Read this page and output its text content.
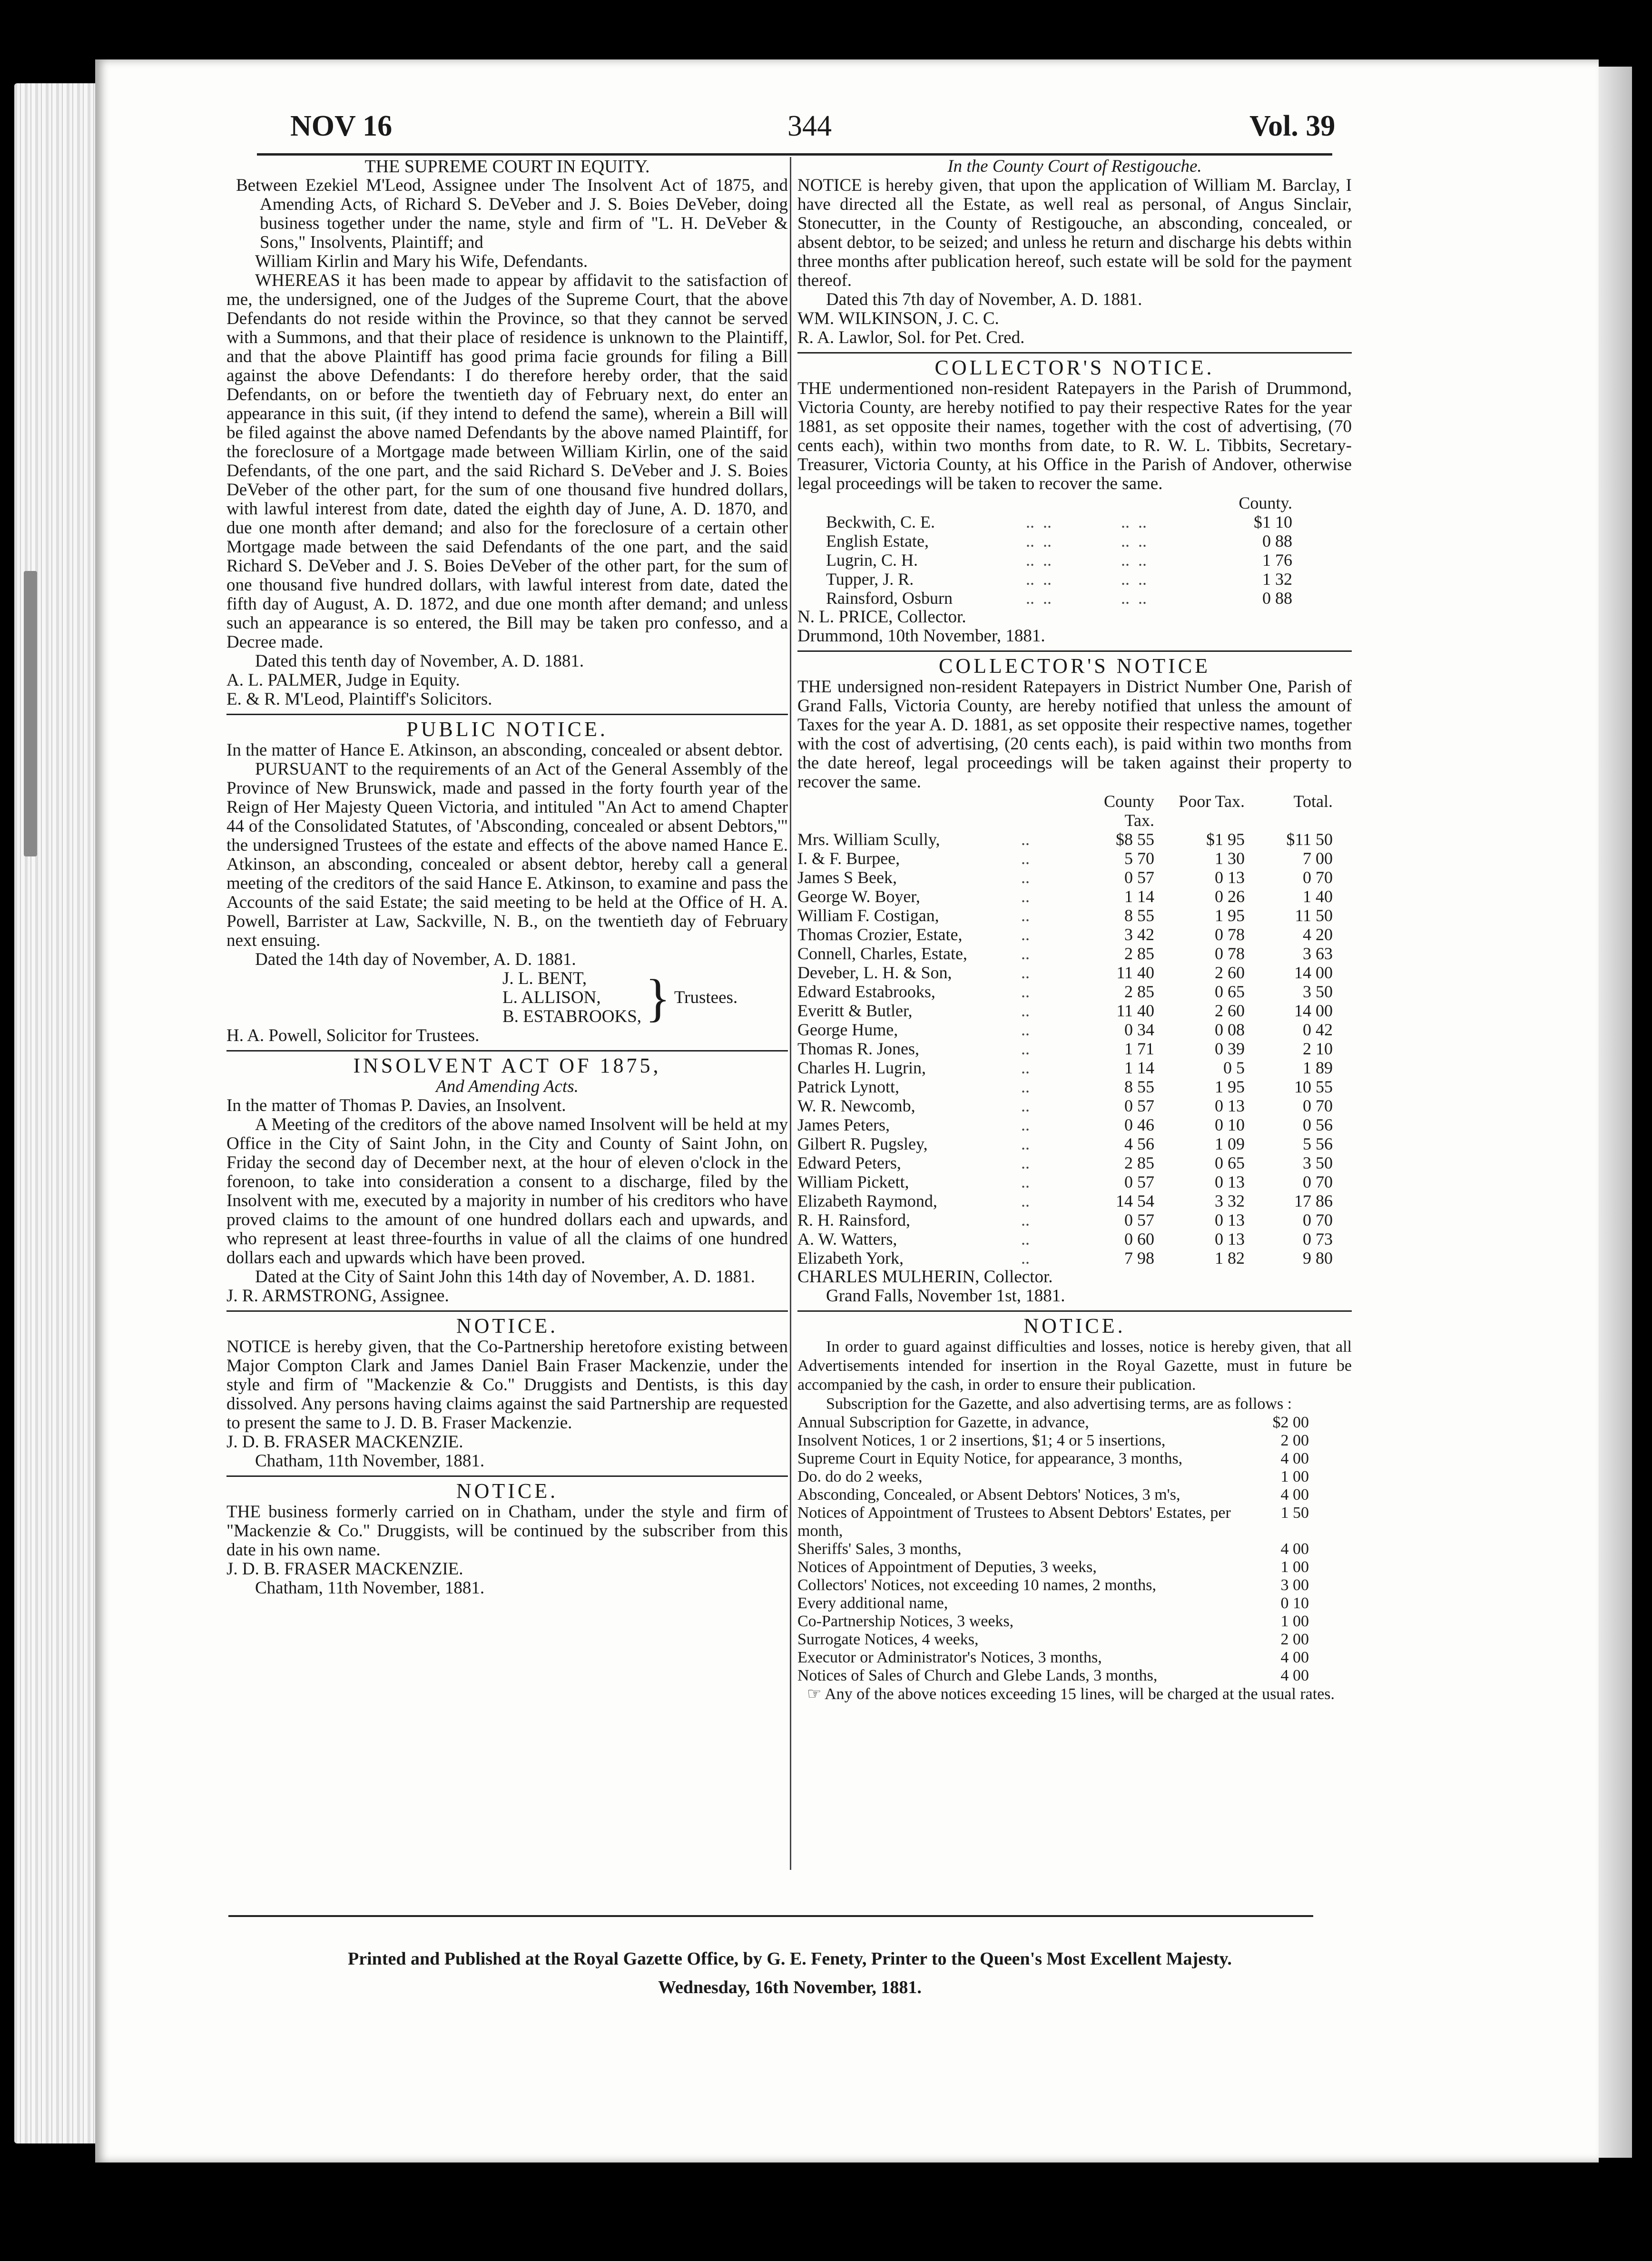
NOV 16	344	Vol. 39
THE SUPREME COURT IN EQUITY.

Between Ezekiel M'Leod, Assignee under The Insolvent Act of 1875, and Amending Acts, of Richard S. DeVeber and J. S. Boies DeVeber, doing business together under the name, style and firm of "L. H. DeVeber & Sons," Insolvents, Plaintiff; and

William Kirlin and Mary his Wife, Defendants.

WHEREAS it has been made to appear by affidavit to the satisfaction of me, the undersigned, one of the Judges of the Supreme Court, that the above Defendants do not reside within the Province, so that they cannot be served with a Summons, and that their place of residence is unknown to the Plaintiff, and that the above Plaintiff has good prima facie grounds for filing a Bill against the above Defendants: I do therefore hereby order, that the said Defendants, on or before the twentieth day of February next, do enter an appearance in this suit, (if they intend to defend the same), wherein a Bill will be filed against the above named Defendants by the above named Plaintiff, for the foreclosure of a Mortgage made between William Kirlin, one of the said Defendants, of the one part, and the said Richard S. DeVeber and J. S. Boies DeVeber of the other part, for the sum of one thousand five hundred dollars, with lawful interest from date, dated the eighth day of June, A. D. 1870, and due one month after demand; and also for the foreclosure of a certain other Mortgage made between the said Defendants of the one part, and the said Richard S. DeVeber and J. S. Boies DeVeber of the other part, for the sum of one thousand five hundred dollars, with lawful interest from date, dated the fifth day of August, A. D. 1872, and due one month after demand; and unless such an appearance is so entered, the Bill may be taken pro confesso, and a Decree made.

Dated this tenth day of November, A. D. 1881.

A. L. PALMER, Judge in Equity.

E. & R. M'Leod, Plaintiff's Solicitors.

PUBLIC NOTICE.

In the matter of Hance E. Atkinson, an absconding, concealed or absent debtor.

PURSUANT to the requirements of an Act of the General Assembly of the Province of New Brunswick, made and passed in the forty fourth year of the Reign of Her Majesty Queen Victoria, and intituled "An Act to amend Chapter 44 of the Consolidated Statutes, of 'Absconding, concealed or absent Debtors,'" the undersigned Trustees of the estate and effects of the above named Hance E. Atkinson, an absconding, concealed or absent debtor, hereby call a general meeting of the creditors of the said Hance E. Atkinson, to examine and pass the Accounts of the said Estate; the said meeting to be held at the Office of H. A. Powell, Barrister at Law, Sackville, N. B., on the twentieth day of February next ensuing.

Dated the 14th day of November, A. D. 1881.

J. L. BENT,
L. ALLISON,
B. ESTABROOKS, } Trustees.

H. A. Powell, Solicitor for Trustees.

INSOLVENT ACT OF 1875,
And Amending Acts.

In the matter of Thomas P. Davies, an Insolvent.

A Meeting of the creditors of the above named Insolvent will be held at my Office in the City of Saint John, in the City and County of Saint John, on Friday the second day of December next, at the hour of eleven o'clock in the forenoon, to take into consideration a consent to a discharge, filed by the Insolvent with me, executed by a majority in number of his creditors who have proved claims to the amount of one hundred dollars each and upwards, and who represent at least three-fourths in value of all the claims of one hundred dollars each and upwards which have been proved.

Dated at the City of Saint John this 14th day of November, A. D. 1881.

J. R. ARMSTRONG, Assignee.

NOTICE.

NOTICE is hereby given, that the Co-Partnership heretofore existing between Major Compton Clark and James Daniel Bain Fraser Mackenzie, under the style and firm of "Mackenzie & Co." Druggists and Dentists, is this day dissolved. Any persons having claims against the said Partnership are requested to present the same to J. D. B. Fraser Mackenzie.

J. D. B. FRASER MACKENZIE.

Chatham, 11th November, 1881.

NOTICE.

THE business formerly carried on in Chatham, under the style and firm of "Mackenzie & Co." Druggists, will be continued by the subscriber from this date in his own name.

J. D. B. FRASER MACKENZIE.

Chatham, 11th November, 1881.

In the County Court of Restigouche.

NOTICE is hereby given, that upon the application of William M. Barclay, I have directed all the Estate, as well real as personal, of Angus Sinclair, Stonecutter, in the County of Restigouche, an absconding, concealed, or absent debtor, to be seized; and unless he return and discharge his debts within three months after publication hereof, such estate will be sold for the payment thereof.

Dated this 7th day of November, A. D. 1881.

WM. WILKINSON, J. C. C.

R. A. Lawlor, Sol. for Pet. Cred.

COLLECTOR'S NOTICE.

THE undermentioned non-resident Ratepayers in the Parish of Drummond, Victoria County, are hereby notified to pay their respective Rates for the year 1881, as set opposite their names, together with the cost of advertising, (70 cents each), within two months from date, to R. W. L. Tibbits, Secretary-Treasurer, Victoria County, at his Office in the Parish of Andover, otherwise legal proceedings will be taken to recover the same.

			County.
Beckwith, C. E.	..  ..	..  ..	$1 10
English Estate,	..  ..	..  ..	0 88
Lugrin, C. H.	..  ..	..  ..	1 76
Tupper, J. R.	..  ..	..  ..	1 32
Rainsford, Osburn	..  ..	..  ..	0 88

N. L. PRICE, Collector.

Drummond, 10th November, 1881.

COLLECTOR'S NOTICE

THE undersigned non-resident Ratepayers in District Number One, Parish of Grand Falls, Victoria County, are hereby notified that unless the amount of Taxes for the year A. D. 1881, as set opposite their respective names, together with the cost of advertising, (20 cents each), is paid within two months from the date hereof, legal proceedings will be taken against their property to recover the same.

		County Tax.	Poor Tax.	Total.
Mrs. William Scully,	..	$8 55	$1 95	$11 50
I. & F. Burpee,	..	5 70	1 30	7 00
James S Beek,	..	0 57	0 13	0 70
George W. Boyer,	..	1 14	0 26	1 40
William F. Costigan,	..	8 55	1 95	11 50
Thomas Crozier, Estate,	..	3 42	0 78	4 20
Connell, Charles, Estate,	..	2 85	0 78	3 63
Deveber, L. H. & Son,	..	11 40	2 60	14 00
Edward Estabrooks,	..	2 85	0 65	3 50
Everitt & Butler,	..	11 40	2 60	14 00
George Hume,	..	0 34	0 08	0 42
Thomas R. Jones,	..	1 71	0 39	2 10
Charles H. Lugrin,	..	1 14	0 5	1 89
Patrick Lynott,	..	8 55	1 95	10 55
W. R. Newcomb,	..	0 57	0 13	0 70
James Peters,	..	0 46	0 10	0 56
Gilbert R. Pugsley,	..	4 56	1 09	5 56
Edward Peters,	..	2 85	0 65	3 50
William Pickett,	..	0 57	0 13	0 70
Elizabeth Raymond,	..	14 54	3 32	17 86
R. H. Rainsford,	..	0 57	0 13	0 70
A. W. Watters,	..	0 60	0 13	0 73
Elizabeth York,	..	7 98	1 82	9 80

CHARLES MULHERIN, Collector.

Grand Falls, November 1st, 1881.

NOTICE.

In order to guard against difficulties and losses, notice is hereby given, that all Advertisements intended for insertion in the Royal Gazette, must in future be accompanied by the cash, in order to ensure their publication.

Subscription for the Gazette, and also advertising terms, are as follows :

Annual Subscription for Gazette, in advance,	$2 00
Insolvent Notices, 1 or 2 insertions, $1; 4 or 5 insertions,	2 00
Supreme Court in Equity Notice, for appearance, 3 months,	4 00
Do. do do 2 weeks,	1 00
Absconding, Concealed, or Absent Debtors' Notices, 3 m's,	4 00
Notices of Appointment of Trustees to Absent Debtors' Estates, per month,	1 50
Sheriffs' Sales, 3 months,	4 00
Notices of Appointment of Deputies, 3 weeks,	1 00
Collectors' Notices, not exceeding 10 names, 2 months,	3 00
Every additional name,	0 10
Co-Partnership Notices, 3 weeks,	1 00
Surrogate Notices, 4 weeks,	2 00
Executor or Administrator's Notices, 3 months,	4 00
Notices of Sales of Church and Glebe Lands, 3 months,	4 00

☞ Any of the above notices exceeding 15 lines, will be charged at the usual rates.

Printed and Published at the Royal Gazette Office, by G. E. Fenety, Printer to the Queen's Most Excellent Majesty.
Wednesday, 16th November, 1881.
